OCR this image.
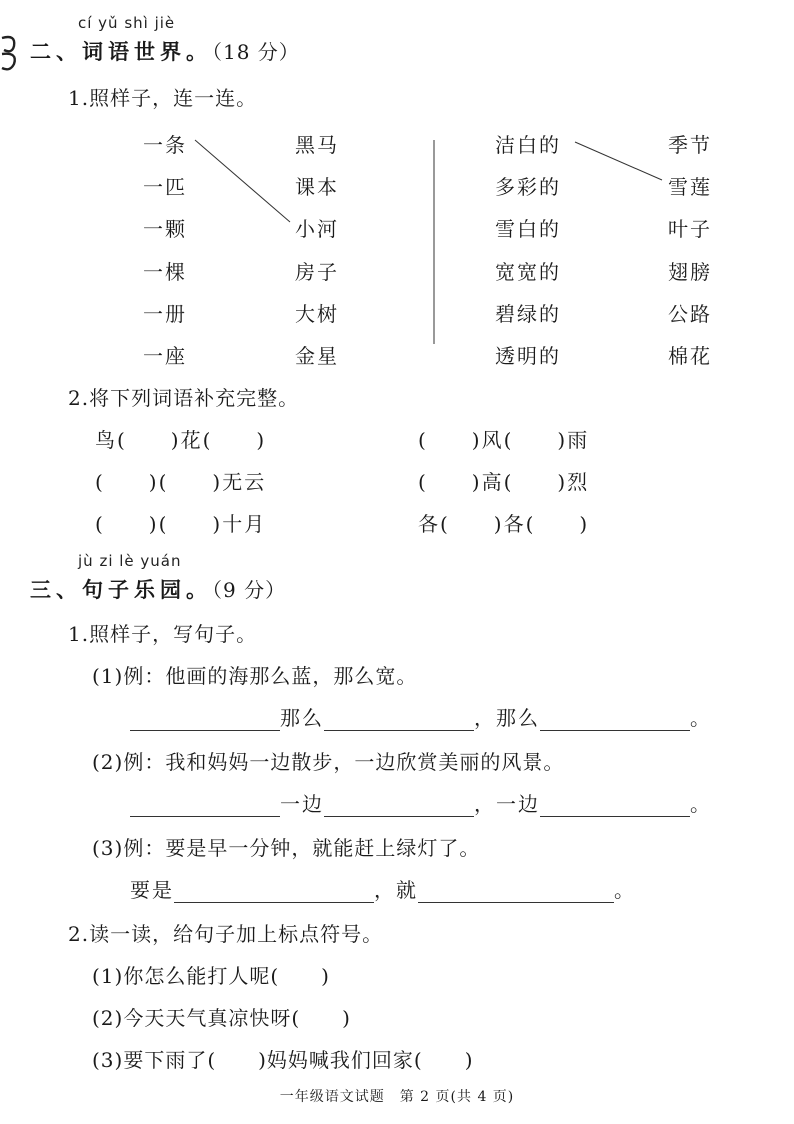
cí yǔ shì jiè
二、词语世界。（18 分）
1.照样子，连一连。
一条
一匹
一颗
一棵
一册
一座
黑马
课本
小河
房子
大树
金星
洁白的
多彩的
雪白的
宽宽的
碧绿的
透明的
季节
雪莲
叶子
翅膀
公路
棉花
2.将下列词语补充完整。
鸟(　　)花(　　)	(　　)风(　　)雨
(　　)(　　)无云	(　　)高(　　)烈
(　　)(　　)十月	各(　　)各(　　)
jù zi lè yuán
三、句子乐园。（9 分）
1.照样子，写句子。
(1)例：他画的海那么蓝，那么宽。
那么	，那么	。
(2)例：我和妈妈一边散步，一边欣赏美丽的风景。
一边	，一边	。
(3)例：要是早一分钟，就能赶上绿灯了。
要是	，就	。
2.读一读，给句子加上标点符号。
(1)你怎么能打人呢(　　)
(2)今天天气真凉快呀(　　)
(3)要下雨了(　　)妈妈喊我们回家(　　)
一年级语文试题　第 2 页(共 4 页)
